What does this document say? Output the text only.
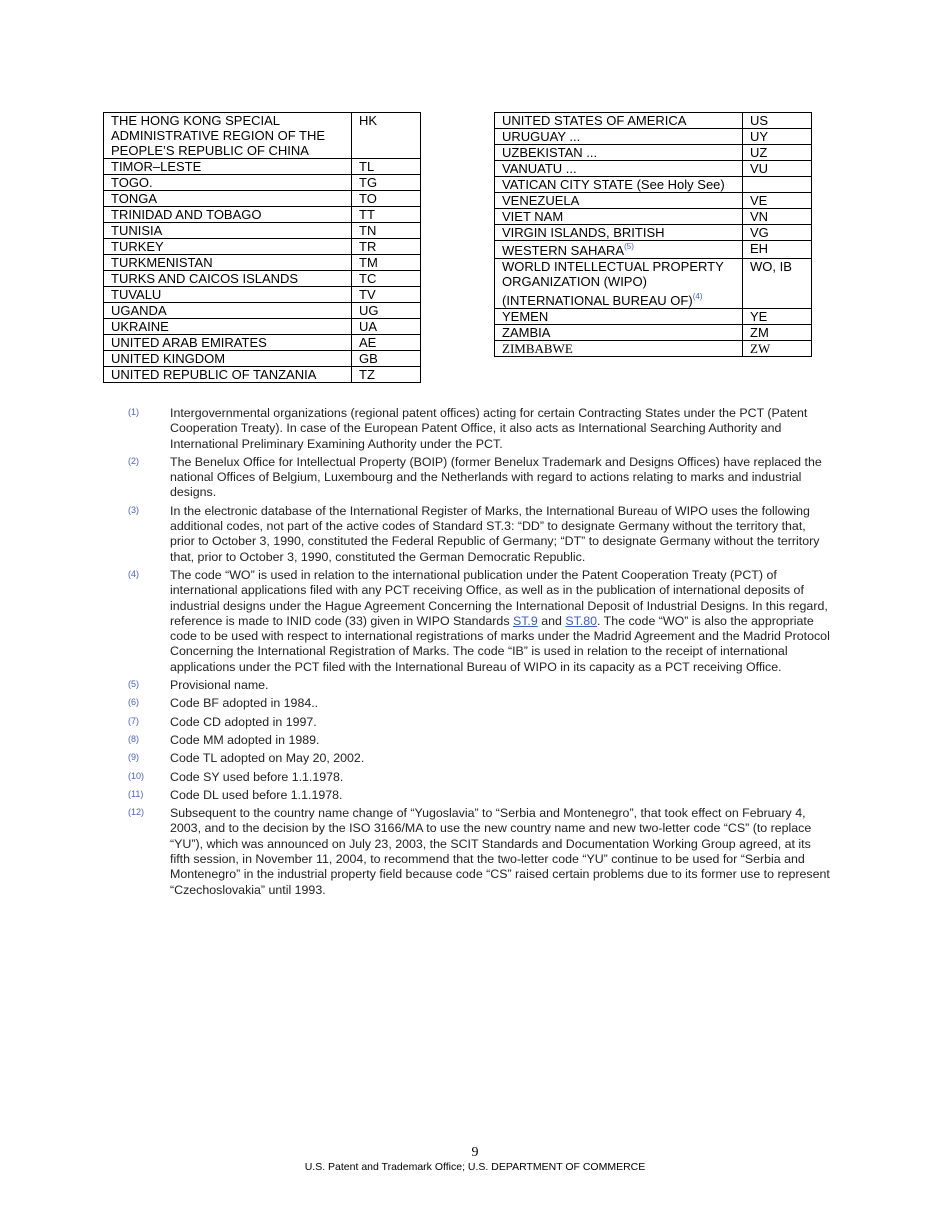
THE HONG KONG SPECIAL ADMINISTRATIVE REGION OF THE PEOPLE’S REPUBLIC OF CHINA	HK
TIMOR–LESTE	TL
TOGO.	TG
TONGA	TO
TRINIDAD AND TOBAGO	TT
TUNISIA	TN
TURKEY	TR
TURKMENISTAN	TM
TURKS AND CAICOS ISLANDS	TC
TUVALU	TV
UGANDA	UG
UKRAINE	UA
UNITED ARAB EMIRATES	AE
UNITED KINGDOM	GB
UNITED REPUBLIC OF TANZANIA	TZ
UNITED STATES OF AMERICA	US
URUGUAY ...	UY
UZBEKISTAN ...	UZ
VANUATU ...	VU
VATICAN CITY STATE (See Holy See)	
VENEZUELA	VE
VIET NAM	VN
VIRGIN ISLANDS, BRITISH	VG
WESTERN SAHARA$^{(5)}$	EH
WORLD INTELLECTUAL PROPERTY ORGANIZATION (WIPO)
(INTERNATIONAL BUREAU OF)$^{(4)}$	WO, IB
YEMEN	YE
ZAMBIA	ZM
ZIMBABWE	ZW
(1)	Intergovernmental organizations (regional patent offices) acting for certain Contracting States under the PCT (Patent Cooperation Treaty). In case of the European Patent Office, it also acts as International Searching Authority and International Preliminary Examining Authority under the PCT.
(2)	The Benelux Office for Intellectual Property (BOIP) (former Benelux Trademark and Designs Offices) have replaced the national Offices of Belgium, Luxembourg and the Netherlands with regard to actions relating to marks and industrial designs.
(3)	In the electronic database of the International Register of Marks, the International Bureau of WIPO uses the following additional codes, not part of the active codes of Standard ST.3: “DD” to designate Germany without the territory that, prior to October 3, 1990, constituted the Federal Republic of Germany; “DT” to designate Germany without the territory that, prior to October 3, 1990, constituted the German Democratic Republic.
(4)	The code “WO” is used in relation to the international publication under the Patent Cooperation Treaty (PCT) of international applications filed with any PCT receiving Office, as well as in the publication of international deposits of industrial designs under the Hague Agreement Concerning the International Deposit of Industrial Designs. In this regard, reference is made to INID code (33) given in WIPO Standards ST.9 and ST.80. The code “WO” is also the appropriate code to be used with respect to international registrations of marks under the Madrid Agreement and the Madrid Protocol Concerning the International Registration of Marks. The code “IB” is used in relation to the receipt of international applications under the PCT filed with the International Bureau of WIPO in its capacity as a PCT receiving Office.
(5)	Provisional name.
(6)	Code BF adopted in 1984..
(7)	Code CD adopted in 1997.
(8)	Code MM adopted in 1989.
(9)	Code TL adopted on May 20, 2002.
(10)	Code SY used before 1.1.1978.
(11)	Code DL used before 1.1.1978.
(12)	Subsequent to the country name change of “Yugoslavia” to “Serbia and Montenegro”, that took effect on February 4, 2003, and to the decision by the ISO 3166/MA to use the new country name and new two-letter code “CS” (to replace “YU”), which was announced on July 23, 2003, the SCIT Standards and Documentation Working Group agreed, at its fifth session, in November 11, 2004, to recommend that the two-letter code “YU” continue to be used for “Serbia and Montenegro” in the industrial property field because code “CS” raised certain problems due to its former use to represent “Czechoslovakia” until 1993.
9
U.S. Patent and Trademark Office; U.S. DEPARTMENT OF COMMERCE
